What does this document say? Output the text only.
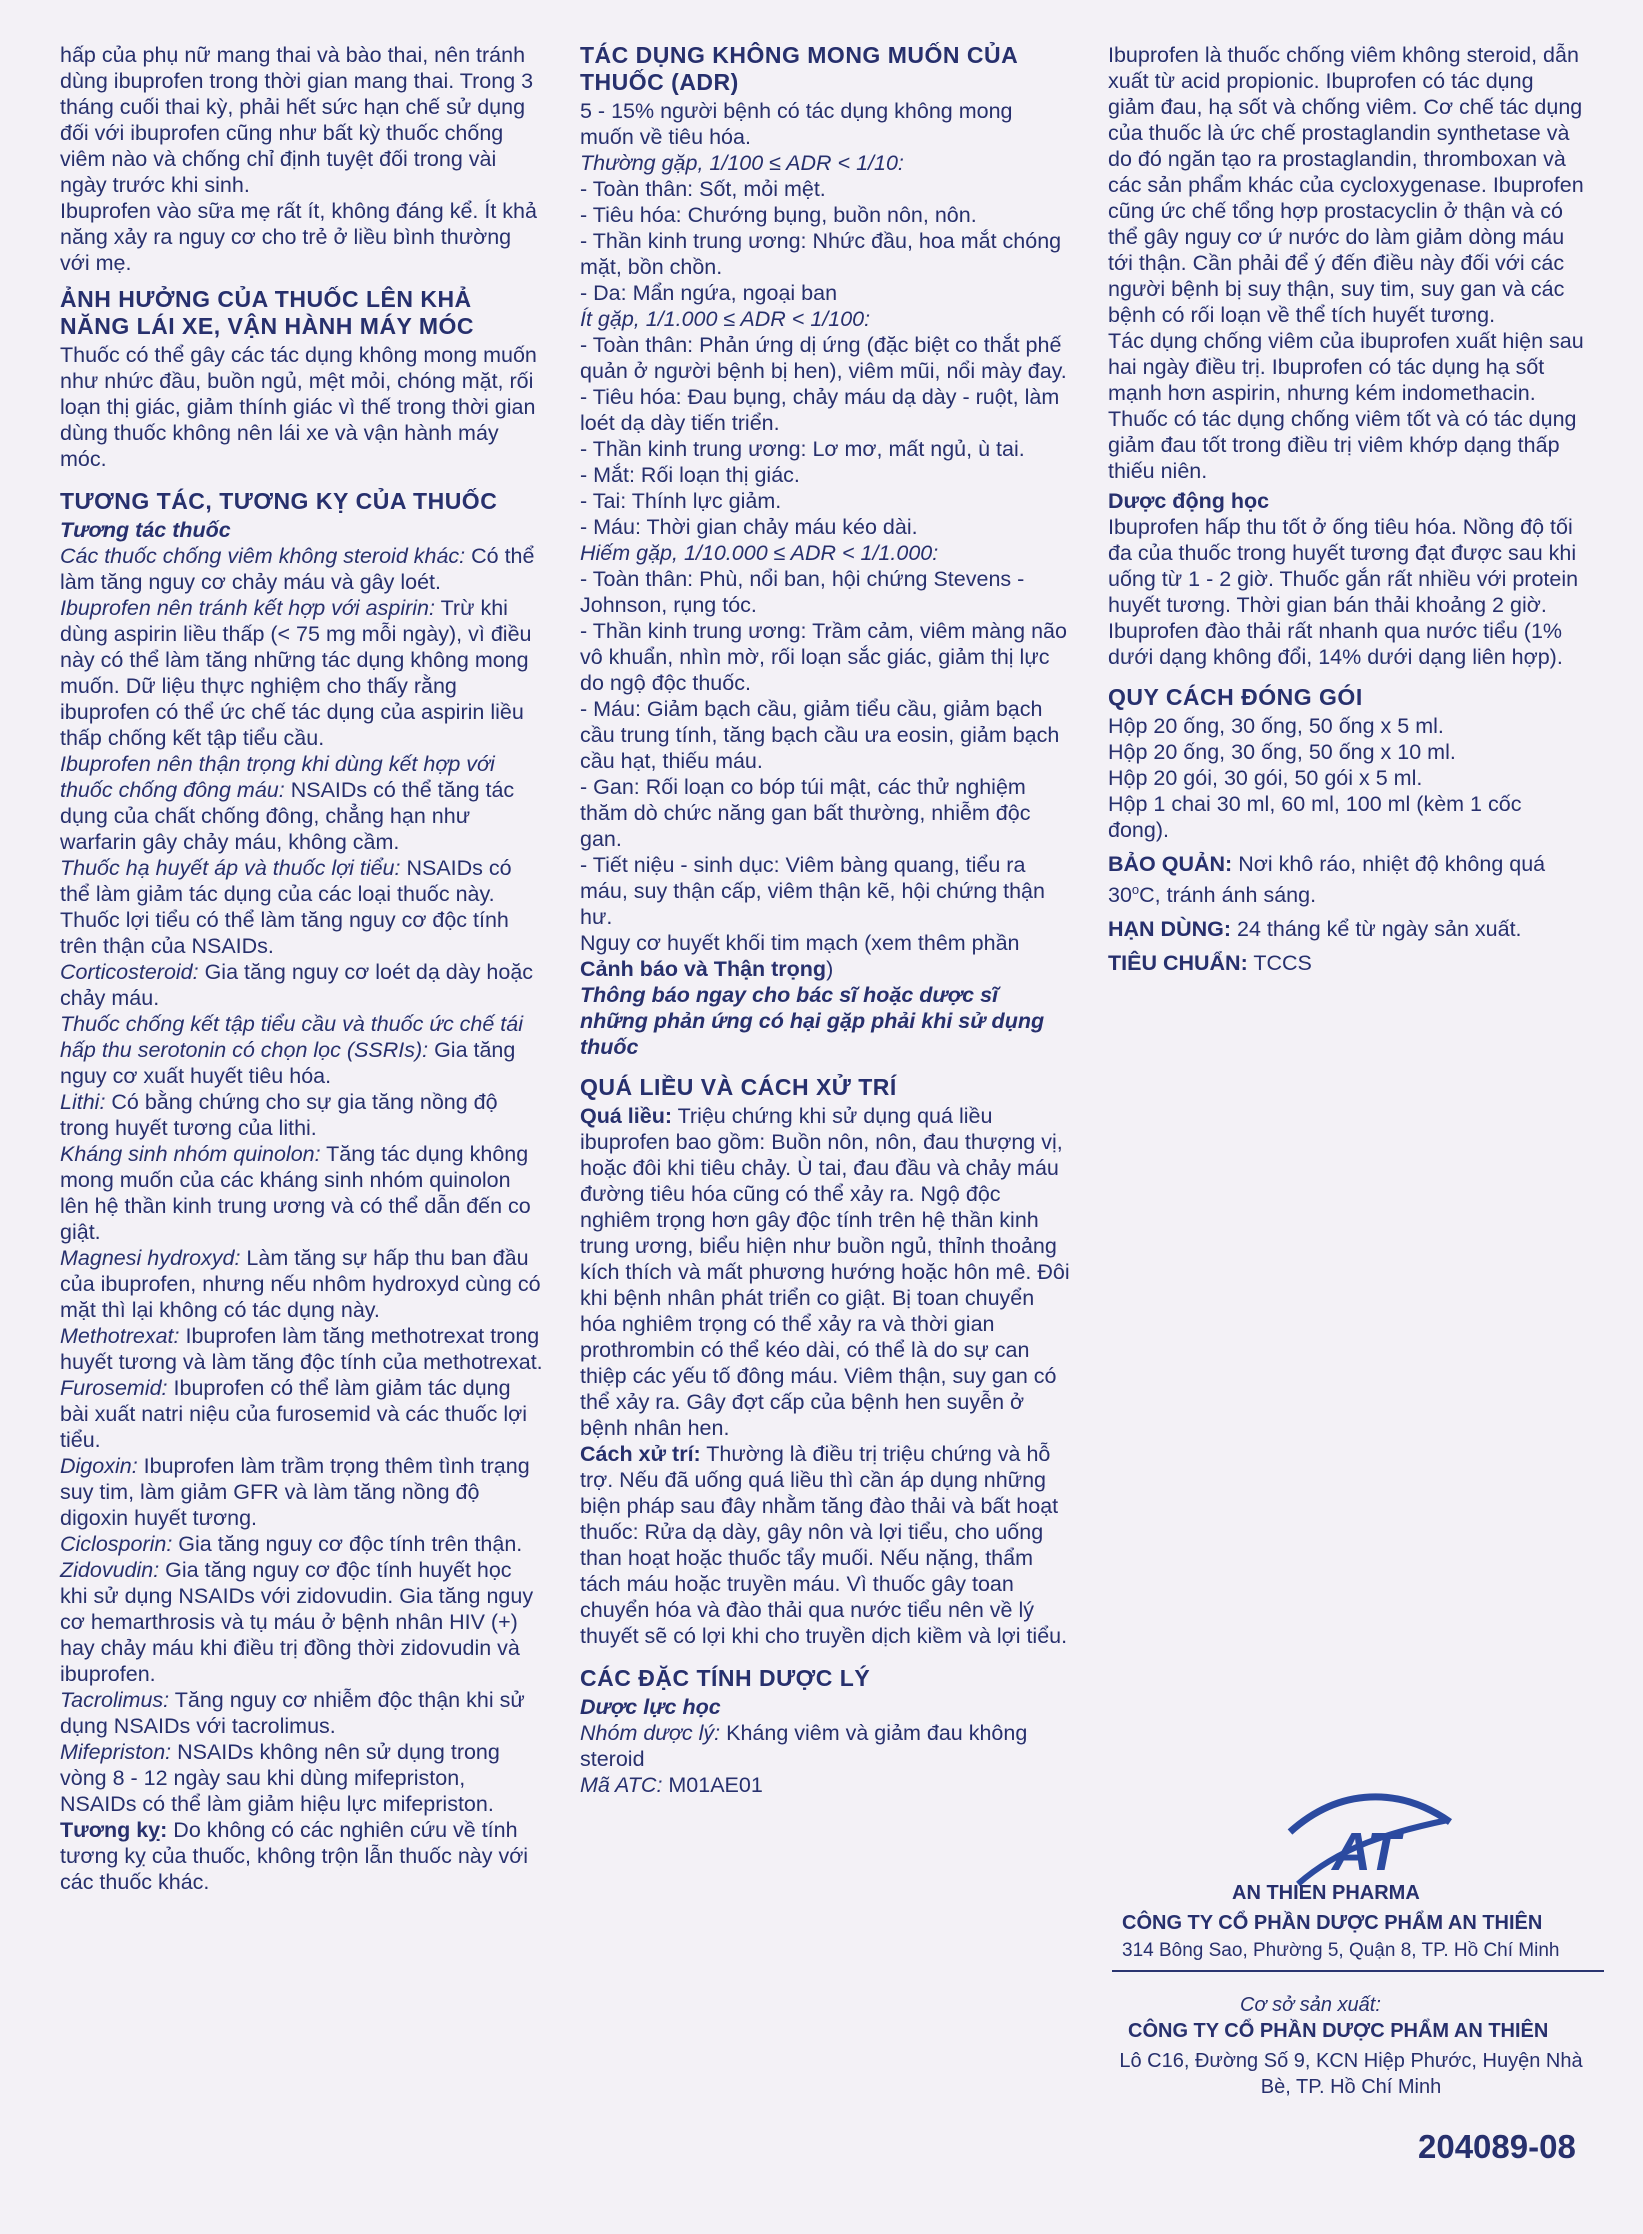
hấp của phụ nữ mang thai và bào thai, nên tránh dùng ibuprofen trong thời gian mang thai. Trong 3 tháng cuối thai kỳ, phải hết sức hạn chế sử dụng đối với ibuprofen cũng như bất kỳ thuốc chống viêm nào và chống chỉ định tuyệt đối trong vài ngày trước khi sinh.

Ibuprofen vào sữa mẹ rất ít, không đáng kể. Ít khả năng xảy ra nguy cơ cho trẻ ở liều bình thường với mẹ.

ẢNH HƯỞNG CỦA THUỐC LÊN KHẢ NĂNG LÁI XE, VẬN HÀNH MÁY MÓC

Thuốc có thể gây các tác dụng không mong muốn như nhức đầu, buồn ngủ, mệt mỏi, chóng mặt, rối loạn thị giác, giảm thính giác vì thế trong thời gian dùng thuốc không nên lái xe và vận hành máy móc.

TƯƠNG TÁC, TƯƠNG KỴ CỦA THUỐC

Tương tác thuốc

Các thuốc chống viêm không steroid khác: Có thể làm tăng nguy cơ chảy máu và gây loét.

Ibuprofen nên tránh kết hợp với aspirin: Trừ khi dùng aspirin liều thấp (< 75 mg mỗi ngày), vì điều này có thể làm tăng những tác dụng không mong muốn. Dữ liệu thực nghiệm cho thấy rằng ibuprofen có thể ức chế tác dụng của aspirin liều thấp chống kết tập tiểu cầu.

Ibuprofen nên thận trọng khi dùng kết hợp với thuốc chống đông máu: NSAIDs có thể tăng tác dụng của chất chống đông, chẳng hạn như warfarin gây chảy máu, không cầm.

Thuốc hạ huyết áp và thuốc lợi tiểu: NSAIDs có thể làm giảm tác dụng của các loại thuốc này. Thuốc lợi tiểu có thể làm tăng nguy cơ độc tính trên thận của NSAIDs.

Corticosteroid: Gia tăng nguy cơ loét dạ dày hoặc chảy máu.

Thuốc chống kết tập tiểu cầu và thuốc ức chế tái hấp thu serotonin có chọn lọc (SSRIs): Gia tăng nguy cơ xuất huyết tiêu hóa.

Lithi: Có bằng chứng cho sự gia tăng nồng độ trong huyết tương của lithi.

Kháng sinh nhóm quinolon: Tăng tác dụng không mong muốn của các kháng sinh nhóm quinolon lên hệ thần kinh trung ương và có thể dẫn đến co giật.

Magnesi hydroxyd: Làm tăng sự hấp thu ban đầu của ibuprofen, nhưng nếu nhôm hydroxyd cùng có mặt thì lại không có tác dụng này.

Methotrexat: Ibuprofen làm tăng methotrexat trong huyết tương và làm tăng độc tính của methotrexat.

Furosemid: Ibuprofen có thể làm giảm tác dụng bài xuất natri niệu của furosemid và các thuốc lợi tiểu.

Digoxin: Ibuprofen làm trầm trọng thêm tình trạng suy tim, làm giảm GFR và làm tăng nồng độ digoxin huyết tương.

Ciclosporin: Gia tăng nguy cơ độc tính trên thận.

Zidovudin: Gia tăng nguy cơ độc tính huyết học khi sử dụng NSAIDs với zidovudin. Gia tăng nguy cơ hemarthrosis và tụ máu ở bệnh nhân HIV (+) hay chảy máu khi điều trị đồng thời zidovudin và ibuprofen.

Tacrolimus: Tăng nguy cơ nhiễm độc thận khi sử dụng NSAIDs với tacrolimus.

Mifepriston: NSAIDs không nên sử dụng trong vòng 8 - 12 ngày sau khi dùng mifepriston, NSAIDs có thể làm giảm hiệu lực mifepriston.

Tương kỵ: Do không có các nghiên cứu về tính tương kỵ của thuốc, không trộn lẫn thuốc này với các thuốc khác.

TÁC DỤNG KHÔNG MONG MUỐN CỦA THUỐC (ADR)

5 - 15% người bệnh có tác dụng không mong muốn về tiêu hóa.

Thường gặp, 1/100 ≤ ADR < 1/10:

- Toàn thân: Sốt, mỏi mệt.

- Tiêu hóa: Chướng bụng, buồn nôn, nôn.

- Thần kinh trung ương: Nhức đầu, hoa mắt chóng mặt, bồn chồn.

- Da: Mẩn ngứa, ngoại ban

Ít gặp, 1/1.000 ≤ ADR < 1/100:

- Toàn thân: Phản ứng dị ứng (đặc biệt co thắt phế quản ở người bệnh bị hen), viêm mũi, nổi mày đay.

- Tiêu hóa: Đau bụng, chảy máu dạ dày - ruột, làm loét dạ dày tiến triển.

- Thần kinh trung ương: Lơ mơ, mất ngủ, ù tai.

- Mắt: Rối loạn thị giác.

- Tai: Thính lực giảm.

- Máu: Thời gian chảy máu kéo dài.

Hiếm gặp, 1/10.000 ≤ ADR < 1/1.000:

- Toàn thân: Phù, nổi ban, hội chứng Stevens - Johnson, rụng tóc.

- Thần kinh trung ương: Trầm cảm, viêm màng não vô khuẩn, nhìn mờ, rối loạn sắc giác, giảm thị lực do ngộ độc thuốc.

- Máu: Giảm bạch cầu, giảm tiểu cầu, giảm bạch cầu trung tính, tăng bạch cầu ưa eosin, giảm bạch cầu hạt, thiếu máu.

- Gan: Rối loạn co bóp túi mật, các thử nghiệm thăm dò chức năng gan bất thường, nhiễm độc gan.

- Tiết niệu - sinh dục: Viêm bàng quang, tiểu ra máu, suy thận cấp, viêm thận kẽ, hội chứng thận hư.

Nguy cơ huyết khối tim mạch (xem thêm phần Cảnh báo và Thận trọng)

Thông báo ngay cho bác sĩ hoặc dược sĩ những phản ứng có hại gặp phải khi sử dụng thuốc

QUÁ LIỀU VÀ CÁCH XỬ TRÍ

Quá liều: Triệu chứng khi sử dụng quá liều ibuprofen bao gồm: Buồn nôn, nôn, đau thượng vị, hoặc đôi khi tiêu chảy. Ù tai, đau đầu và chảy máu đường tiêu hóa cũng có thể xảy ra. Ngộ độc nghiêm trọng hơn gây độc tính trên hệ thần kinh trung ương, biểu hiện như buồn ngủ, thỉnh thoảng kích thích và mất phương hướng hoặc hôn mê. Đôi khi bệnh nhân phát triển co giật. Bị toan chuyển hóa nghiêm trọng có thể xảy ra và thời gian prothrombin có thể kéo dài, có thể là do sự can thiệp các yếu tố đông máu. Viêm thận, suy gan có thể xảy ra. Gây đợt cấp của bệnh hen suyễn ở bệnh nhân hen.

Cách xử trí: Thường là điều trị triệu chứng và hỗ trợ. Nếu đã uống quá liều thì cần áp dụng những biện pháp sau đây nhằm tăng đào thải và bất hoạt thuốc: Rửa dạ dày, gây nôn và lợi tiểu, cho uống than hoạt hoặc thuốc tẩy muối. Nếu nặng, thẩm tách máu hoặc truyền máu. Vì thuốc gây toan chuyển hóa và đào thải qua nước tiểu nên về lý thuyết sẽ có lợi khi cho truyền dịch kiềm và lợi tiểu.

CÁC ĐẶC TÍNH DƯỢC LÝ

Dược lực học

Nhóm dược lý: Kháng viêm và giảm đau không steroid

Mã ATC: M01AE01

Ibuprofen là thuốc chống viêm không steroid, dẫn xuất từ acid propionic. Ibuprofen có tác dụng giảm đau, hạ sốt và chống viêm. Cơ chế tác dụng của thuốc là ức chế prostaglandin synthetase và do đó ngăn tạo ra prostaglandin, thromboxan và các sản phẩm khác của cycloxygenase. Ibuprofen cũng ức chế tổng hợp prostacyclin ở thận và có thể gây nguy cơ ứ nước do làm giảm dòng máu tới thận. Cần phải để ý đến điều này đối với các người bệnh bị suy thận, suy tim, suy gan và các bệnh có rối loạn về thể tích huyết tương.

Tác dụng chống viêm của ibuprofen xuất hiện sau hai ngày điều trị. Ibuprofen có tác dụng hạ sốt mạnh hơn aspirin, nhưng kém indomethacin. Thuốc có tác dụng chống viêm tốt và có tác dụng giảm đau tốt trong điều trị viêm khớp dạng thấp thiếu niên.

Dược động học

Ibuprofen hấp thu tốt ở ống tiêu hóa. Nồng độ tối đa của thuốc trong huyết tương đạt được sau khi uống từ 1 - 2 giờ. Thuốc gắn rất nhiều với protein huyết tương. Thời gian bán thải khoảng 2 giờ. Ibuprofen đào thải rất nhanh qua nước tiểu (1% dưới dạng không đổi, 14% dưới dạng liên hợp).

QUY CÁCH ĐÓNG GÓI

Hộp 20 ống, 30 ống, 50 ống x 5 ml.

Hộp 20 ống, 30 ống, 50 ống x 10 ml.

Hộp 20 gói, 30 gói, 50 gói x 5 ml.

Hộp 1 chai 30 ml, 60 ml, 100 ml (kèm 1 cốc đong).

BẢO QUẢN: Nơi khô ráo, nhiệt độ không quá 30$^o$C, tránh ánh sáng.

HẠN DÙNG: 24 tháng kể từ ngày sản xuất.

TIÊU CHUẨN: TCCS

AT
AN THIEN PHARMA
CÔNG TY CỔ PHẦN DƯỢC PHẨM AN THIÊN
314 Bông Sao, Phường 5, Quận 8, TP. Hồ Chí Minh
Cơ sở sản xuất:
CÔNG TY CỔ PHẦN DƯỢC PHẨM AN THIÊN
Lô C16, Đường Số 9, KCN Hiệp Phước, Huyện Nhà Bè, TP. Hồ Chí Minh
204089-08
